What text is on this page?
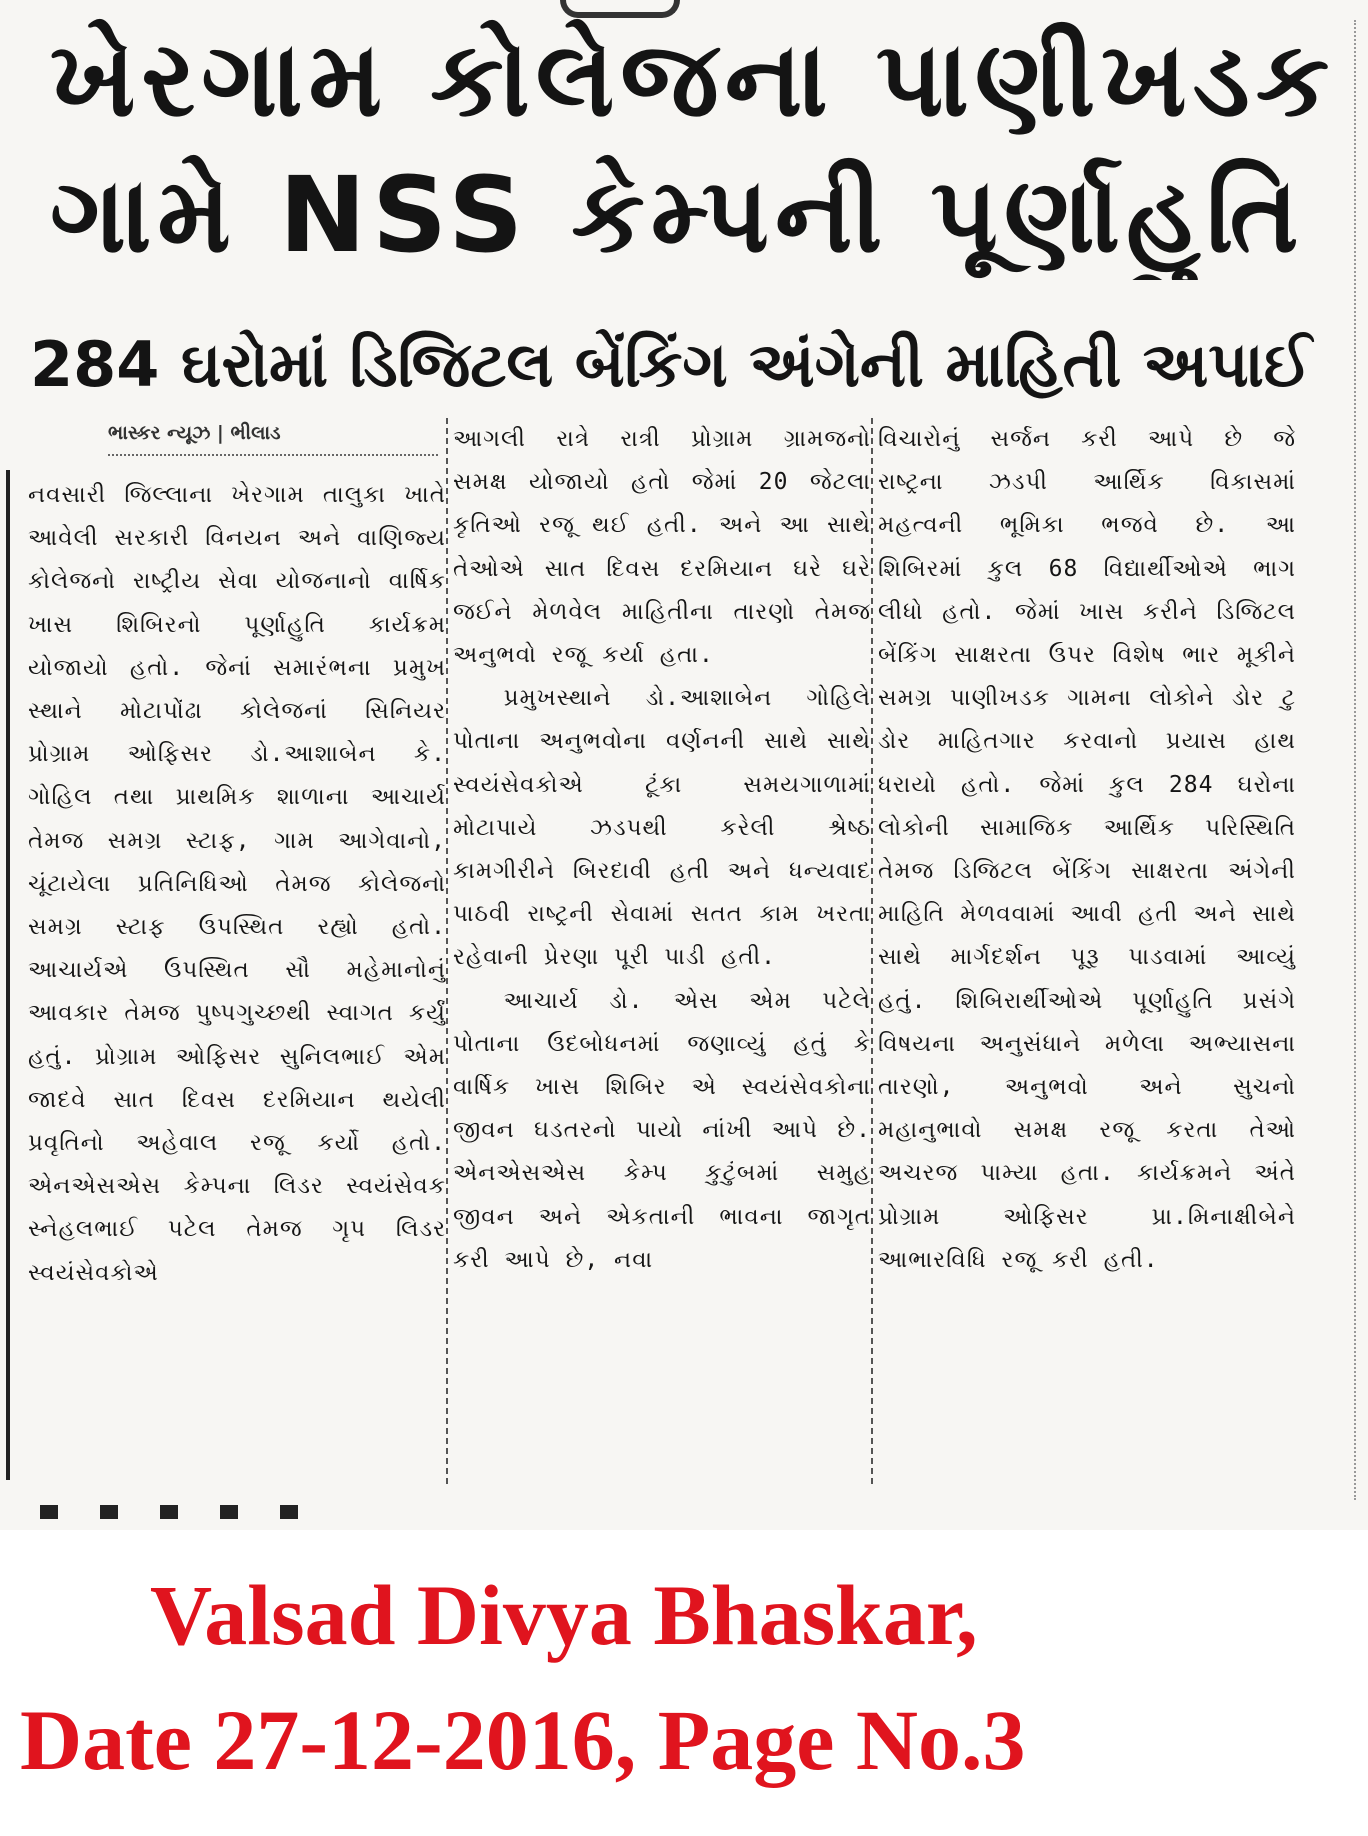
ખેરગામ કોલેજના પાણીખડક
ગામે NSS કેમ્પની પૂર્ણાહુતિ
284 ઘરોમાં ડિજિટલ બેંકિંગ અંગેની માહિતી અપાઈ
ભાસ્કર ન્યૂઝ | ભીલાડ

નવસારી જિલ્લાના ખેરગામ તાલુકા ખાતે આવેલી સરકારી વિનયન અને વાણિજ્ય કોલેજનો રાષ્ટ્રીય સેવા યોજનાનો વાર્ષિક ખાસ શિબિરનો પૂર્ણાહુતિ કાર્યક્રમ યોજાયો હતો. જેનાં સમારંભના પ્રમુખ સ્થાને મોટાપોંઢા કોલેજનાં સિનિયર પ્રોગ્રામ ઓફિસર ડો.આશાબેન કે. ગોહિલ તથા પ્રાથમિક શાળાના આચાર્ય તેમજ સમગ્ર સ્ટાફ, ગામ આગેવાનો, ચૂંટાયેલા પ્રતિનિધિઓ તેમજ કોલેજનો સમગ્ર સ્ટાફ ઉપસ્થિત રહ્યો હતો. આચાર્યએ ઉપસ્થિત સૌ મહેમાનોનું આવકાર તેમજ પુષ્પગુચ્છથી સ્વાગત કર્યું હતું. પ્રોગ્રામ ઓફિસર સુનિલભાઈ એમ જાદવે સાત દિવસ દરમિયાન થયેલી પ્રવૃતિનો અહેવાલ રજૂ કર્યો હતો. એનએસએસ કેમ્પના લિડર સ્વયંસેવક સ્નેહલભાઈ પટેલ તેમજ ગૃપ લિડર સ્વયંસેવકોએ

આગલી રાત્રે રાત્રી પ્રોગ્રામ ગ્રામજનો સમક્ષ યોજાયો હતો જેમાં 20 જેટલા કૃતિઓ રજૂ થઈ હતી. અને આ સાથે તેઓએ સાત દિવસ દરમિયાન ઘરે ઘરે જઈને મેળવેલ માહિતીના તારણો તેમજ અનુભવો રજૂ કર્યા હતા.

પ્રમુખસ્થાને ડો.આશાબેન ગોહિલે પોતાના અનુભવોના વર્ણનની સાથે સાથે સ્વયંસેવકોએ ટૂંકા સમયગાળામાં મોટાપાયે ઝડપથી કરેલી શ્રેષ્ઠ કામગીરીને બિરદાવી હતી અને ધન્યવાદ પાઠવી રાષ્ટ્રની સેવામાં સતત કામ ખરતા રહેવાની પ્રેરણા પૂરી પાડી હતી.

આચાર્ય ડો. એસ એમ પટેલે પોતાના ઉદબોધનમાં જણાવ્યું હતું કે વાર્ષિક ખાસ શિબિર એ સ્વયંસેવકોના જીવન ઘડતરનો પાયો નાંખી આપે છે. એનએસએસ કેમ્પ કુટુંબમાં સમુહ જીવન અને એકતાની ભાવના જાગૃત કરી આપે છે, નવા

વિચારોનું સર્જન કરી આપે છે જે રાષ્ટ્રના ઝડપી આર્થિક વિકાસમાં મહત્વની ભૂમિકા ભજવે છે. આ શિબિરમાં કુલ 68 વિદ્યાર્થીઓએ ભાગ લીધો હતો. જેમાં ખાસ કરીને ડિજિટલ બેંકિંગ સાક્ષરતા ઉપર વિશેષ ભાર મૂકીને સમગ્ર પાણીખડક ગામના લોકોને ડોર ટુ ડોર માહિતગાર કરવાનો પ્રયાસ હાથ ધરાયો હતો. જેમાં કુલ 284 ઘરોના લોકોની સામાજિક આર્થિક પરિસ્થિતિ તેમજ ડિજિટલ બેંકિંગ સાક્ષરતા અંગેની માહિતિ મેળવવામાં આવી હતી અને સાથે સાથે માર્ગદર્શન પૂરૂ પાડવામાં આવ્યું હતું. શિબિરાર્થીઓએ પૂર્ણાહુતિ પ્રસંગે વિષયના અનુસંધાને મળેલા અભ્યાસના તારણો, અનુભવો અને સુચનો મહાનુભાવો સમક્ષ રજૂ કરતા તેઓ અચરજ પામ્યા હતા. કાર્યક્રમને અંતે પ્રોગ્રામ ઓફિસર પ્રા.મિનાક્ષીબેને આભારવિધિ રજૂ કરી હતી.

Valsad Divya Bhaskar,

Date 27-12-2016, Page No.3
